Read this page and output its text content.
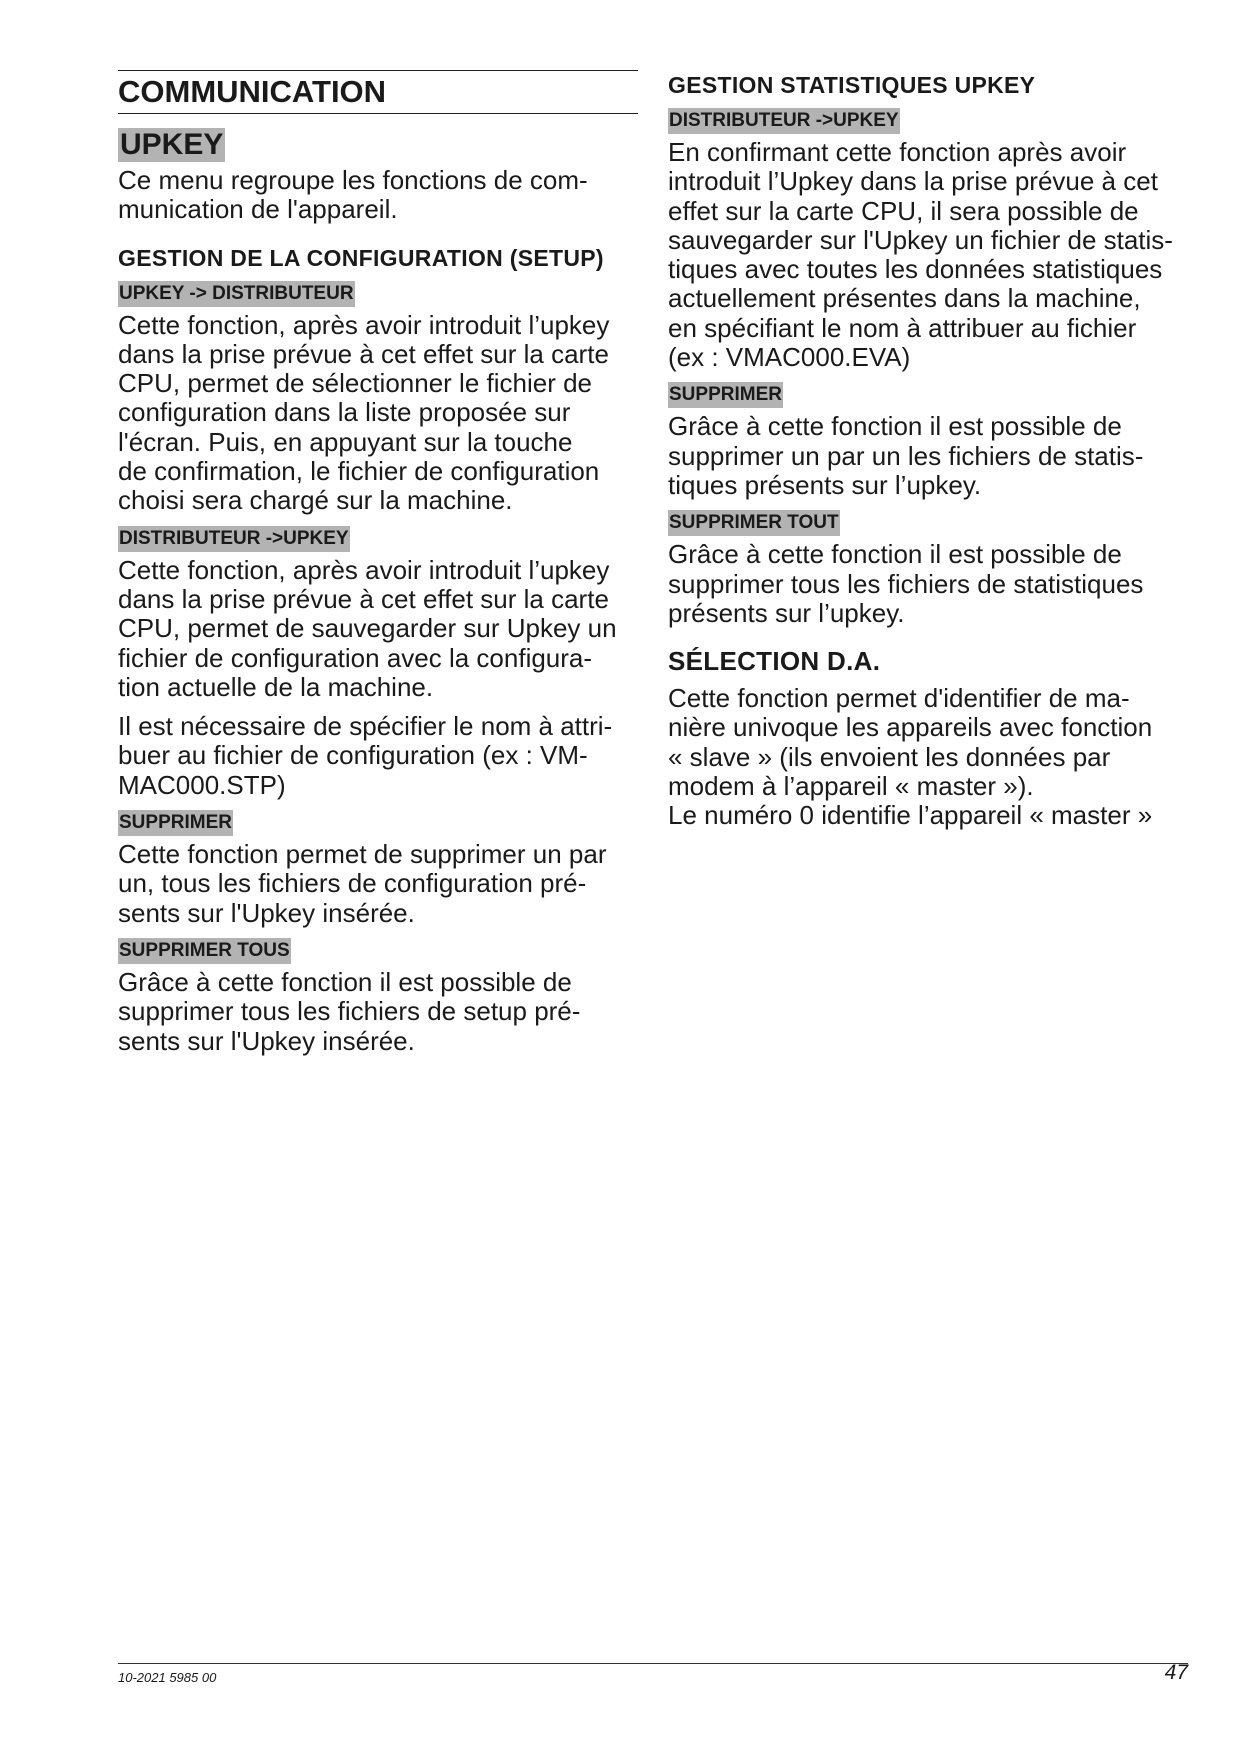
COMMUNICATION
UPKEY
Ce menu regroupe les fonctions de com-
munication de l'appareil.
GESTION DE LA CONFIGURATION (SETUP)
UPKEY -> DISTRIBUTEUR
Cette fonction, après avoir introduit l’upkey
dans la prise prévue à cet effet sur la carte
CPU, permet de sélectionner le fichier de
configuration dans la liste proposée sur
l'écran. Puis, en appuyant sur la touche
de confirmation, le fichier de configuration
choisi sera chargé sur la machine.
DISTRIBUTEUR ->UPKEY
Cette fonction, après avoir introduit l’upkey
dans la prise prévue à cet effet sur la carte
CPU, permet de sauvegarder sur Upkey un
fichier de configuration avec la configura-
tion actuelle de la machine.
Il est nécessaire de spécifier le nom à attri-
buer au fichier de configuration (ex : VM-
MAC000.STP)
SUPPRIMER
Cette fonction permet de supprimer un par
un, tous les fichiers de configuration pré-
sents sur l'Upkey insérée.
SUPPRIMER TOUS
Grâce à cette fonction il est possible de
supprimer tous les fichiers de setup pré-
sents sur l'Upkey insérée.
GESTION STATISTIQUES UPKEY
DISTRIBUTEUR ->UPKEY
En confirmant cette fonction après avoir
introduit l’Upkey dans la prise prévue à cet
effet sur la carte CPU, il sera possible de
sauvegarder sur l'Upkey un fichier de statis-
tiques avec toutes les données statistiques
actuellement présentes dans la machine,
en spécifiant le nom à attribuer au fichier
(ex : VMAC000.EVA)
SUPPRIMER
Grâce à cette fonction il est possible de
supprimer un par un les fichiers de statis-
tiques présents sur l’upkey.
SUPPRIMER TOUT
Grâce à cette fonction il est possible de
supprimer tous les fichiers de statistiques
présents sur l’upkey.
SÉLECTION D.A.
Cette fonction permet d'identifier de ma-
nière univoque les appareils avec fonction
« slave » (ils envoient les données par
modem à l’appareil « master »).
Le numéro 0 identifie l’appareil « master »
10-2021 5985 00	47
